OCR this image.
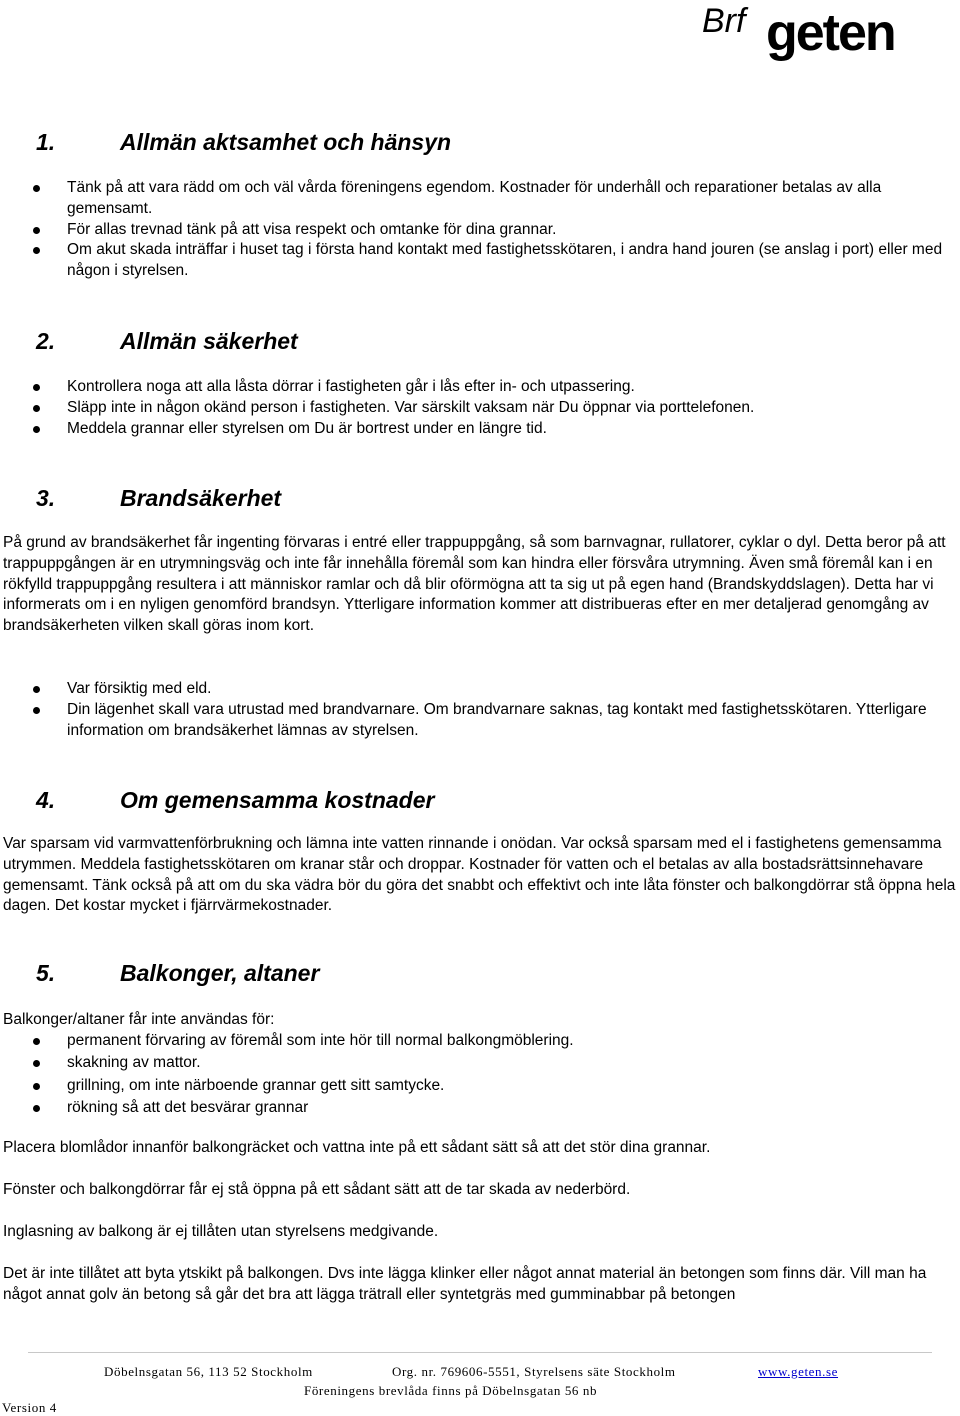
Brf geten
1.	Allmän aktsamhet och hänsyn
Tänk på att vara rädd om och väl vårda föreningens egendom. Kostnader för underhåll och reparationer betalas av alla gemensamt.
För allas trevnad tänk på att visa respekt och omtanke för dina grannar.
Om akut skada inträffar i huset tag i första hand kontakt med fastighetsskötaren, i andra hand jouren (se anslag i port) eller med någon i styrelsen.
2.	Allmän säkerhet
Kontrollera noga att alla låsta dörrar i fastigheten går i lås efter in- och utpassering.
Släpp inte in någon okänd person i fastigheten. Var särskilt vaksam när Du öppnar via porttelefonen.
Meddela grannar eller styrelsen om Du är bortrest under en längre tid.
3.	Brandsäkerhet

På grund av brandsäkerhet får ingenting förvaras i entré eller trappuppgång, så som barnvagnar, rullatorer, cyklar o dyl. Detta beror på att trappuppgången är en utrymningsväg och inte får innehålla föremål som kan hindra eller försvåra utrymning. Även små föremål kan i en rökfylld trappuppgång resultera i att människor ramlar och då blir oförmögna att ta sig ut på egen hand (Brandskyddslagen). Detta har vi informerats om i en nyligen genomförd brandsyn. Ytterligare information kommer att distribueras efter en mer detaljerad genomgång av brandsäkerheten vilken skall göras inom kort.

Var försiktig med eld.
Din lägenhet skall vara utrustad med brandvarnare. Om brandvarnare saknas, tag kontakt med fastighetsskötaren. Ytterligare information om brandsäkerhet lämnas av styrelsen.
4.	Om gemensamma kostnader

Var sparsam vid varmvattenförbrukning och lämna inte vatten rinnande i onödan. Var också sparsam med el i fastighetens gemensamma utrymmen. Meddela fastighetsskötaren om kranar står och droppar. Kostnader för vatten och el betalas av alla bostadsrättsinnehavare gemensamt. Tänk också på att om du ska vädra bör du göra det snabbt och effektivt och inte låta fönster och balkongdörrar stå öppna hela dagen. Det kostar mycket i fjärrvärmekostnader.

5.	Balkonger, altaner

Balkonger/altaner får inte användas för:

permanent förvaring av föremål som inte hör till normal balkongmöblering.
skakning av mattor.
grillning, om inte närboende grannar gett sitt samtycke.
rökning så att det besvärar grannar

Placera blomlådor innanför balkongräcket och vattna inte på ett sådant sätt så att det stör dina grannar.

Fönster och balkongdörrar får ej stå öppna på ett sådant sätt att de tar skada av nederbörd.

Inglasning av balkong är ej tillåten utan styrelsens medgivande.

Det är inte tillåtet att byta ytskikt på balkongen. Dvs inte lägga klinker eller något annat material än betongen som finns där. Vill man ha något annat golv än betong så går det bra att lägga trätrall eller syntetgräs med gumminabbar på betongen

Döbelnsgatan 56, 113 52 Stockholm	Org. nr. 769606-5551, Styrelsens säte Stockholm	www.geten.se
Föreningens brevlåda finns på Döbelnsgatan 56 nb
Version 4
